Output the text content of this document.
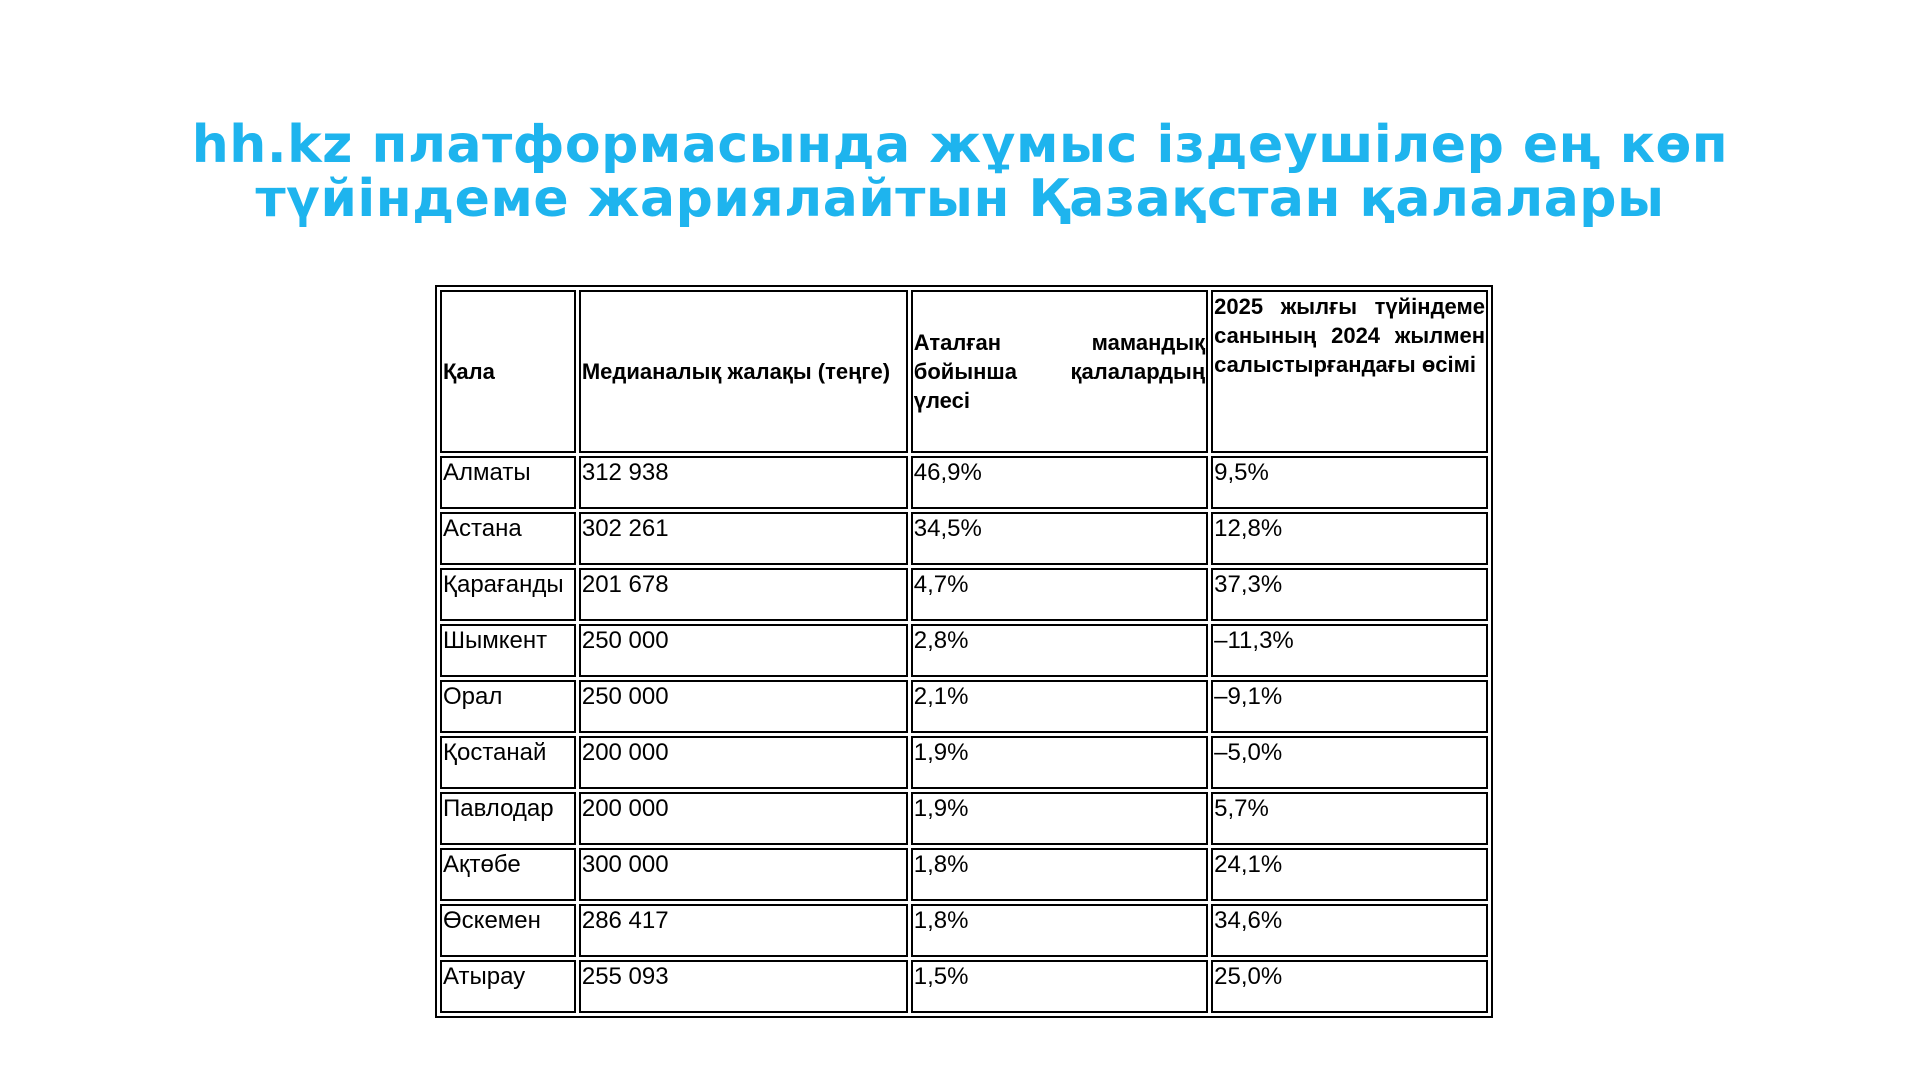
hh.kz платформасында жұмыс іздеушілер ең көп
түйіндеме жариялайтын Қазақстан қалалары
Қала	Медианалық жалақы (теңге)	Аталған мамандық бойынша қалалардың үлесі	2025 жылғы түйіндеме санының 2024 жылмен салыстырғандағы өсімі
Алматы	312 938	46,9%	9,5%
Астана	302 261	34,5%	12,8%
Қарағанды	201 678	4,7%	37,3%
Шымкент	250 000	2,8%	–11,3%
Орал	250 000	2,1%	–9,1%
Қостанай	200 000	1,9%	–5,0%
Павлодар	200 000	1,9%	5,7%
Ақтөбе	300 000	1,8%	24,1%
Өскемен	286 417	1,8%	34,6%
Атырау	255 093	1,5%	25,0%
